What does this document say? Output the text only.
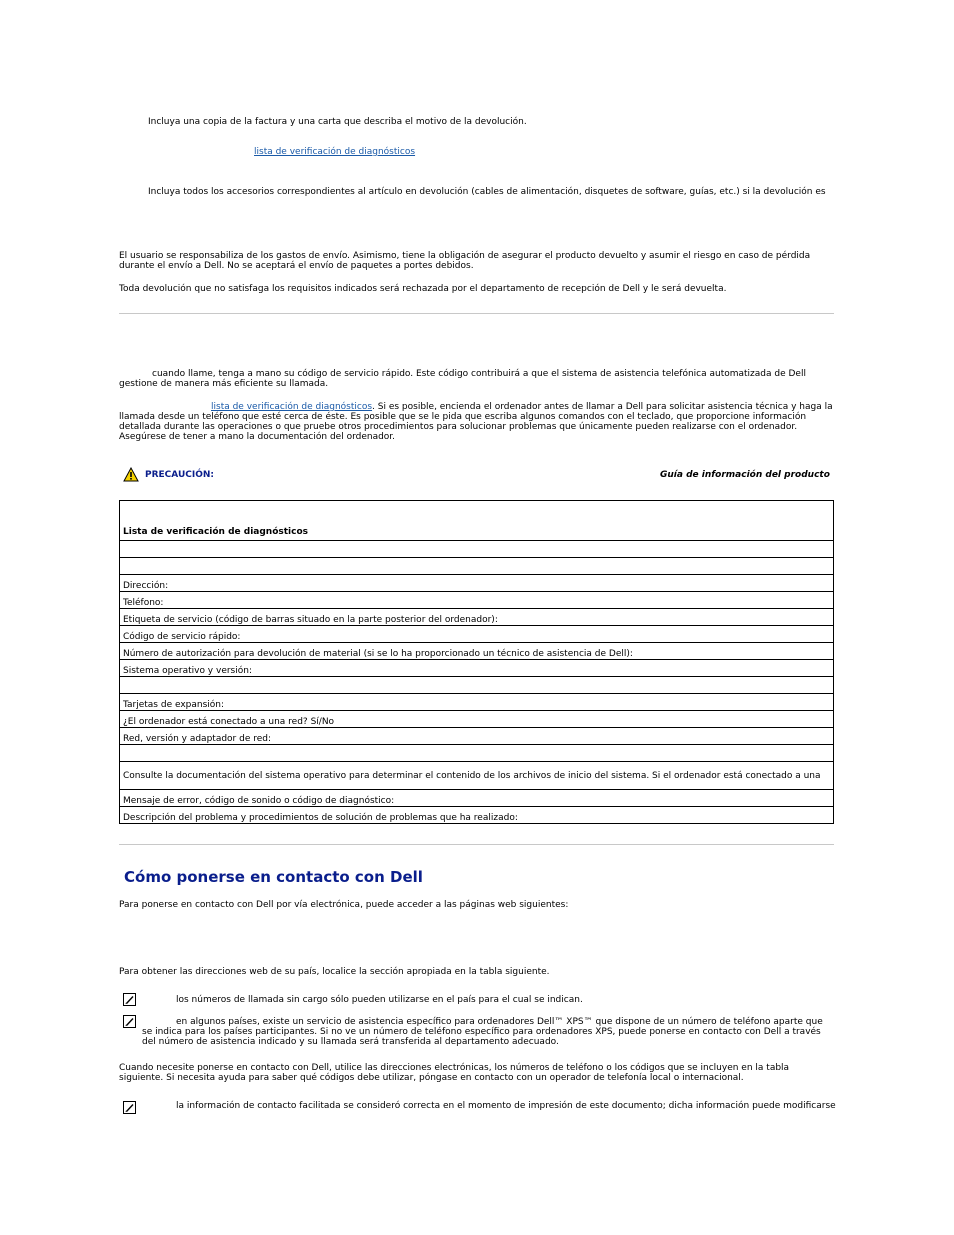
Incluya una copia de la factura y una carta que describa el motivo de la devolución.
lista de verificación de diagnósticos
Incluya todos los accesorios correspondientes al artículo en devolución (cables de alimentación, disquetes de software, guías, etc.) si la devolución es
El usuario se responsabiliza de los gastos de envío. Asimismo, tiene la obligación de asegurar el producto devuelto y asumir el riesgo en caso de pérdida durante el envío a Dell. No se aceptará el envío de paquetes a portes debidos.
Toda devolución que no satisfaga los requisitos indicados será rechazada por el departamento de recepción de Dell y le será devuelta.
cuando llame, tenga a mano su código de servicio rápido. Este código contribuirá a que el sistema de asistencia telefónica automatizada de Dell gestione de manera más eficiente su llamada.
lista de verificación de diagnósticos. Si es posible, encienda el ordenador antes de llamar a Dell para solicitar asistencia técnica y haga la llamada desde un teléfono que esté cerca de éste. Es posible que se le pida que escriba algunos comandos con el teclado, que proporcione información detallada durante las operaciones o que pruebe otros procedimientos para solucionar problemas que únicamente pueden realizarse con el ordenador. Asegúrese de tener a mano la documentación del ordenador.
PRECAUCIÓN:	Guía de información del producto
Lista de verificación de diagnósticos

Dirección:
Teléfono:
Etiqueta de servicio (código de barras situado en la parte posterior del ordenador):
Código de servicio rápido:
Número de autorización para devolución de material (si se lo ha proporcionado un técnico de asistencia de Dell):
Sistema operativo y versión:

Tarjetas de expansión:
¿El ordenador está conectado a una red? Sí/No
Red, versión y adaptador de red:

Consulte la documentación del sistema operativo para determinar el contenido de los archivos de inicio del sistema. Si el ordenador está conectado a una
Mensaje de error, código de sonido o código de diagnóstico:
Descripción del problema y procedimientos de solución de problemas que ha realizado:
Cómo ponerse en contacto con Dell
Para ponerse en contacto con Dell por vía electrónica, puede acceder a las páginas web siguientes:
Para obtener las direcciones web de su país, localice la sección apropiada en la tabla siguiente.
los números de llamada sin cargo sólo pueden utilizarse en el país para el cual se indican.
en algunos países, existe un servicio de asistencia específico para ordenadores Dell™ XPS™ que dispone de un número de teléfono aparte que
se indica para los países participantes. Si no ve un número de teléfono específico para ordenadores XPS, puede ponerse en contacto con Dell a través del número de asistencia indicado y su llamada será transferida al departamento adecuado.
Cuando necesite ponerse en contacto con Dell, utilice las direcciones electrónicas, los números de teléfono o los códigos que se incluyen en la tabla siguiente. Si necesita ayuda para saber qué códigos debe utilizar, póngase en contacto con un operador de telefonía local o internacional.
la información de contacto facilitada se consideró correcta en el momento de impresión de este documento; dicha información puede modificarse
